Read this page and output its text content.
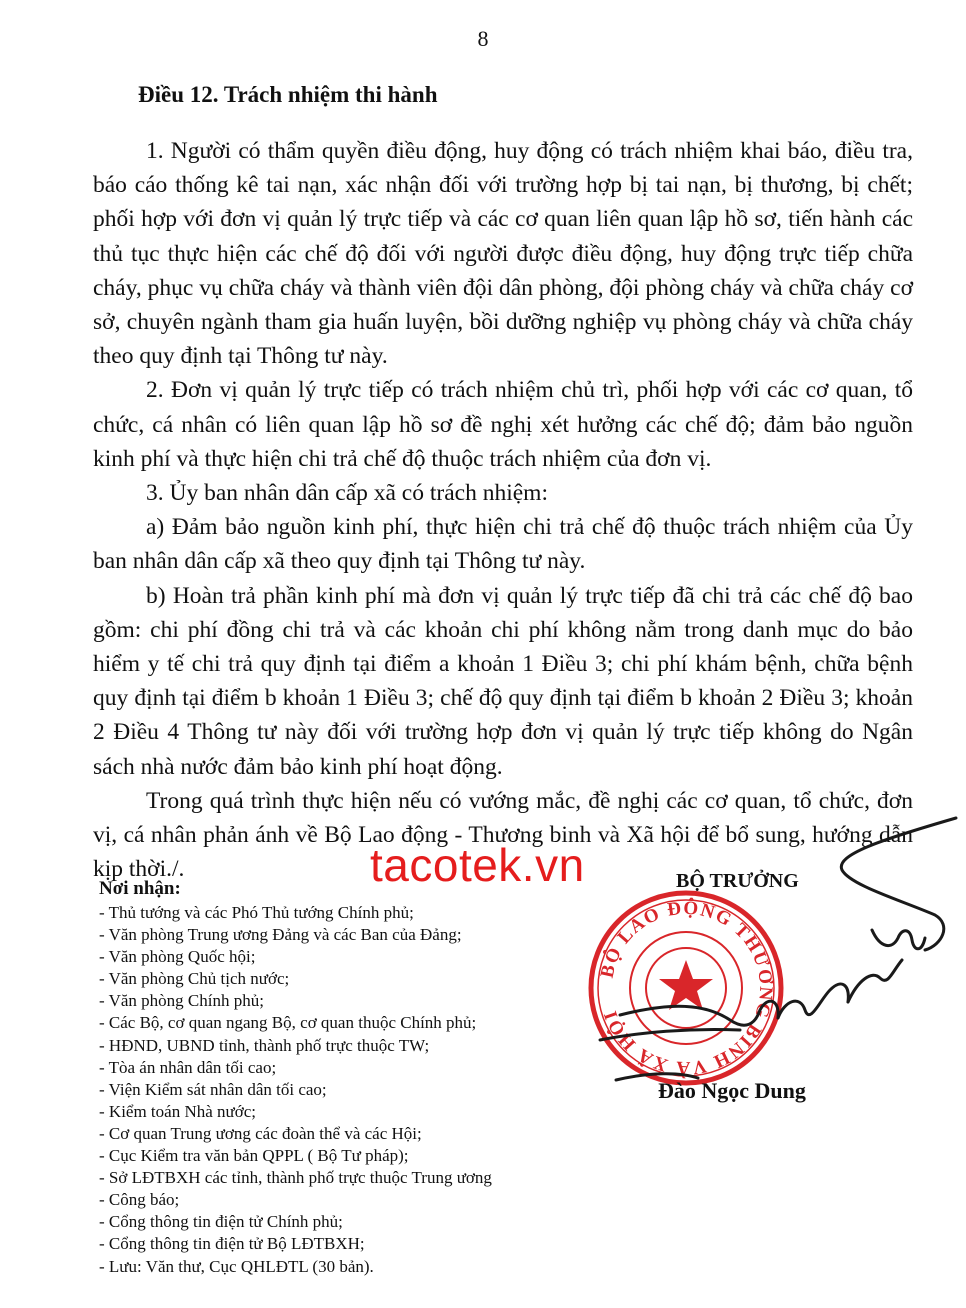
8
Điều 12. Trách nhiệm thi hành

1. Người có thẩm quyền điều động, huy động có trách nhiệm khai báo, điều tra, báo cáo thống kê tai nạn, xác nhận đối với trường hợp bị tai nạn, bị thương, bị chết; phối hợp với đơn vị quản lý trực tiếp và các cơ quan liên quan lập hồ sơ, tiến hành các thủ tục thực hiện các chế độ đối với người được điều động, huy động trực tiếp chữa cháy, phục vụ chữa cháy và thành viên đội dân phòng, đội phòng cháy và chữa cháy cơ sở, chuyên ngành tham gia huấn luyện, bồi dưỡng nghiệp vụ phòng cháy và chữa cháy theo quy định tại Thông tư này.

2. Đơn vị quản lý trực tiếp có trách nhiệm chủ trì, phối hợp với các cơ quan, tổ chức, cá nhân có liên quan lập hồ sơ đề nghị xét hưởng các chế độ; đảm bảo nguồn kinh phí và thực hiện chi trả chế độ thuộc trách nhiệm của đơn vị.

3. Ủy ban nhân dân cấp xã có trách nhiệm:

a) Đảm bảo nguồn kinh phí, thực hiện chi trả chế độ thuộc trách nhiệm của Ủy ban nhân dân cấp xã theo quy định tại Thông tư này.

b) Hoàn trả phần kinh phí mà đơn vị quản lý trực tiếp đã chi trả các chế độ bao gồm: chi phí đồng chi trả và các khoản chi phí không nằm trong danh mục do bảo hiểm y tế chi trả quy định tại điểm a khoản 1 Điều 3; chi phí khám bệnh, chữa bệnh quy định tại điểm b khoản 1 Điều 3; chế độ quy định tại điểm b khoản 2 Điều 3; khoản 2 Điều 4 Thông tư này đối với trường hợp đơn vị quản lý trực tiếp không do Ngân sách nhà nước đảm bảo kinh phí hoạt động.

Trong quá trình thực hiện nếu có vướng mắc, đề nghị các cơ quan, tổ chức, đơn vị, cá nhân phản ánh về Bộ Lao động - Thương binh và Xã hội để bổ sung, hướng dẫn kịp thời./.	tacotek.vn
Nơi nhận:
- Thủ tướng và các Phó Thủ tướng Chính phủ;
- Văn phòng Trung ương Đảng và các Ban của Đảng;
- Văn phòng Quốc hội;
- Văn phòng Chủ tịch nước;
- Văn phòng Chính phủ;
- Các Bộ, cơ quan ngang Bộ, cơ quan thuộc Chính phủ;
- HĐND, UBND tỉnh, thành phố trực thuộc TW;
- Tòa án nhân dân tối cao;
- Viện Kiểm sát nhân dân tối cao;
- Kiểm toán Nhà nước;
- Cơ quan Trung ương các đoàn thể và các Hội;
- Cục Kiểm tra văn bản QPPL ( Bộ Tư pháp);
- Sở LĐTBXH các tỉnh, thành phố trực thuộc Trung ương
- Công báo;
- Cổng thông tin điện tử Chính phủ;
- Cổng thông tin điện tử Bộ LĐTBXH;
- Lưu: Văn thư, Cục QHLĐTL (30 bản).
BỘ TRƯỞNG
BỘ LAO ĐỘNG THƯƠNG BINH VÀ XÃ HỘI
Đào Ngọc Dung
